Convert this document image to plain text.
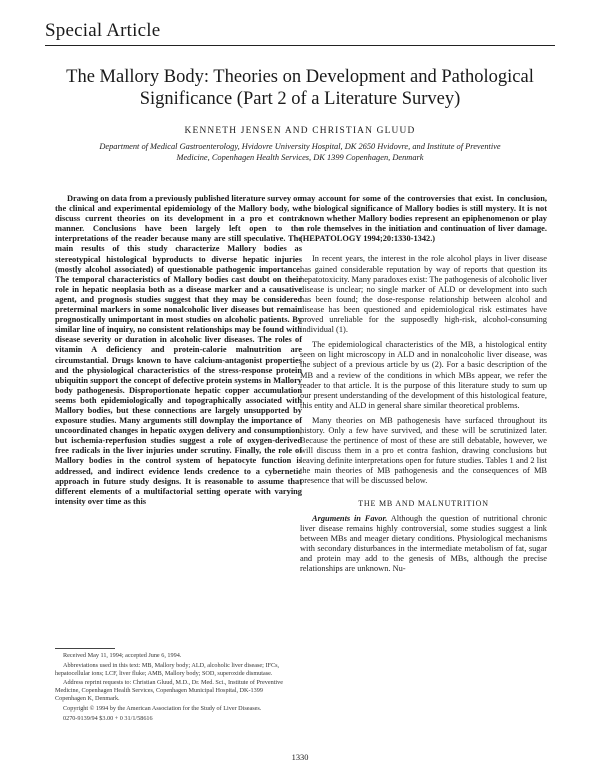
Special Article
The Mallory Body: Theories on Development and Pathological
Significance (Part 2 of a Literature Survey)
KENNETH JENSEN AND CHRISTIAN GLUUD
Department of Medical Gastroenterology, Hvidovre University Hospital, DK 2650 Hvidovre, and Institute of Preventive
Medicine, Copenhagen Health Services, DK 1399 Copenhagen, Denmark

Drawing on data from a previously published literature survey on the clinical and experimental epidemiology of the Mallory body, we discuss current theories on its development in a pro et contra manner. Conclusions have been largely left open to the interpretations of the reader because many are still speculative. The main results of this study characterize Mallory bodies as stereotypical histological byproducts to diverse hepatic injuries (mostly alcohol associated) of questionable pathogenic importance. The temporal characteristics of Mallory bodies cast doubt on their role in hepatic neoplasia both as a disease marker and a causative agent, and prognosis studies suggest that they may be considered preterminal markers in some nonalcoholic liver diseases but remain prognostically unimportant in most studies on alcoholic patients. By similar line of inquiry, no consistent relationships may be found with disease severity or duration in alcoholic liver diseases. The roles of vitamin A deficiency and protein-calorie malnutrition are circumstantial. Drugs known to have calcium-antagonist properties and the physiological characteristics of the stress-response protein ubiquitin support the concept of defective protein systems in Mallory body pathogenesis. Disproportionate hepatic copper accumulation seems both epidemiologically and topographically associated with Mallory bodies, but these connections are largely unsupported by exposure studies. Many arguments still downplay the importance of uncoordinated changes in hepatic oxygen delivery and consumption, but ischemia-reperfusion studies suggest a role of oxygen-derived free radicals in the liver injuries under scrutiny. Finally, the role of Mallory bodies in the control system of hepatocyte function is addressed, and indirect evidence lends credence to a cybernetic approach in future study designs. It is reasonable to assume that different elements of a multifactorial setting operate with varying intensity over time as this

may account for some of the controversies that exist. In conclusion, the biological significance of Mallory bodies is still mystery. It is not known whether Mallory bodies represent an epiphenomenon or play a role themselves in the initiation and continuation of liver damage. (HEPATOLOGY 1994;20:1330-1342.)

In recent years, the interest in the role alcohol plays in liver disease has gained considerable reputation by way of reports that question its hepatotoxicity. Many paradoxes exist: The pathogenesis of alcoholic liver disease is unclear; no single marker of ALD or development into such has been found; the dose-response relationship between alcohol and disease has been questioned and epidemiological risk estimates have proved unreliable for the supposedly high-risk, alcohol-consuming individual (1).

The epidemiological characteristics of the MB, a histological entity seen on light microscopy in ALD and in nonalcoholic liver disease, was the subject of a previous article by us (2). For a basic description of the MB and a review of the conditions in which MBs appear, we refer the reader to that article. It is the purpose of this literature study to sum up our present understanding of the development of this histological feature, this entity and ALD in general share similar theoretical problems.

Many theories on MB pathogenesis have surfaced throughout its history. Only a few have survived, and these will be scrutinized later. Because the pertinence of most of these are still debatable, however, we will discuss them in a pro et contra fashion, drawing conclusions but leaving definite interpretations open for future studies. Tables 1 and 2 list the main theories of MB pathogenesis and the consequences of MB presence that will be discussed below.

THE MB AND MALNUTRITION

Arguments in Favor. Although the question of nutritional chronic liver disease remains highly controversial, some studies suggest a link between MBs and meager dietary conditions. Physiological mechanisms with secondary disturbances in the intermediate metabolism of fat, sugar and protein may add to the genesis of MBs, although the precise relationships are unknown. Nu-

Received May 11, 1994; accepted June 6, 1994.

Abbreviations used in this text: MB, Mallory body; ALD, alcoholic liver disease; IFCs, hepatocellular ions; LCF, liver fluke; AMB, Mallory body; SOD, superoxide dismutase.

Address reprint requests to: Christian Gluud, M.D., Dr. Med. Sci., Institute of Preventive Medicine, Copenhagen Health Services, Copenhagen Municipal Hospital, DK-1399 Copenhagen K, Denmark.

Copyright © 1994 by the American Association for the Study of Liver Diseases.

0270-9139/94 $3.00 + 0 31/1/58616

1330
